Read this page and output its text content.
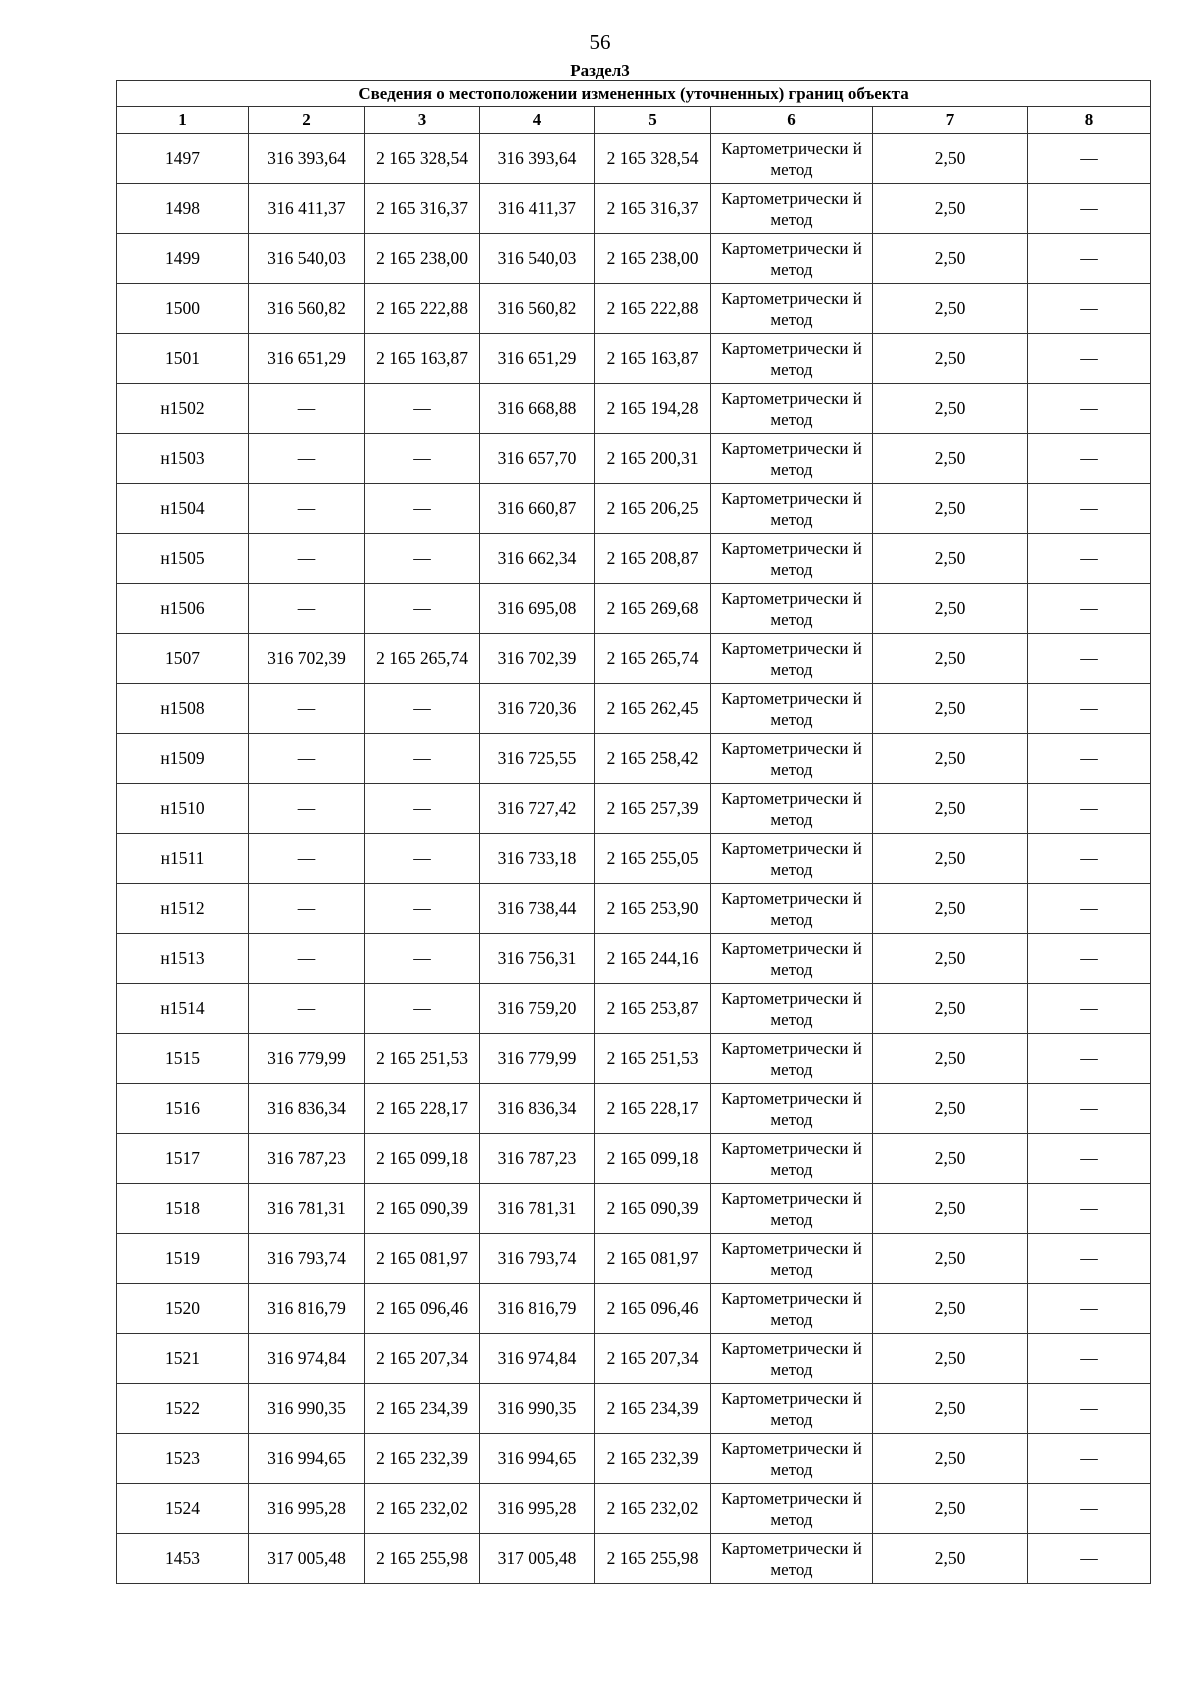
56
Раздел3
Сведения о местоположении измененных (уточненных) границ объекта							
1	2	3	4	5	6	7	8
1497	316 393,64	2 165 328,54	316 393,64	2 165 328,54	Картометрически й метод	2,50	—
1498	316 411,37	2 165 316,37	316 411,37	2 165 316,37	Картометрически й метод	2,50	—
1499	316 540,03	2 165 238,00	316 540,03	2 165 238,00	Картометрически й метод	2,50	—
1500	316 560,82	2 165 222,88	316 560,82	2 165 222,88	Картометрически й метод	2,50	—
1501	316 651,29	2 165 163,87	316 651,29	2 165 163,87	Картометрически й метод	2,50	—
н1502	—	—	316 668,88	2 165 194,28	Картометрически й метод	2,50	—
н1503	—	—	316 657,70	2 165 200,31	Картометрически й метод	2,50	—
н1504	—	—	316 660,87	2 165 206,25	Картометрически й метод	2,50	—
н1505	—	—	316 662,34	2 165 208,87	Картометрически й метод	2,50	—
н1506	—	—	316 695,08	2 165 269,68	Картометрически й метод	2,50	—
1507	316 702,39	2 165 265,74	316 702,39	2 165 265,74	Картометрически й метод	2,50	—
н1508	—	—	316 720,36	2 165 262,45	Картометрически й метод	2,50	—
н1509	—	—	316 725,55	2 165 258,42	Картометрически й метод	2,50	—
н1510	—	—	316 727,42	2 165 257,39	Картометрически й метод	2,50	—
н1511	—	—	316 733,18	2 165 255,05	Картометрически й метод	2,50	—
н1512	—	—	316 738,44	2 165 253,90	Картометрически й метод	2,50	—
н1513	—	—	316 756,31	2 165 244,16	Картометрически й метод	2,50	—
н1514	—	—	316 759,20	2 165 253,87	Картометрически й метод	2,50	—
1515	316 779,99	2 165 251,53	316 779,99	2 165 251,53	Картометрически й метод	2,50	—
1516	316 836,34	2 165 228,17	316 836,34	2 165 228,17	Картометрически й метод	2,50	—
1517	316 787,23	2 165 099,18	316 787,23	2 165 099,18	Картометрически й метод	2,50	—
1518	316 781,31	2 165 090,39	316 781,31	2 165 090,39	Картометрически й метод	2,50	—
1519	316 793,74	2 165 081,97	316 793,74	2 165 081,97	Картометрически й метод	2,50	—
1520	316 816,79	2 165 096,46	316 816,79	2 165 096,46	Картометрически й метод	2,50	—
1521	316 974,84	2 165 207,34	316 974,84	2 165 207,34	Картометрически й метод	2,50	—
1522	316 990,35	2 165 234,39	316 990,35	2 165 234,39	Картометрически й метод	2,50	—
1523	316 994,65	2 165 232,39	316 994,65	2 165 232,39	Картометрически й метод	2,50	—
1524	316 995,28	2 165 232,02	316 995,28	2 165 232,02	Картометрически й метод	2,50	—
1453	317 005,48	2 165 255,98	317 005,48	2 165 255,98	Картометрически й метод	2,50	—
